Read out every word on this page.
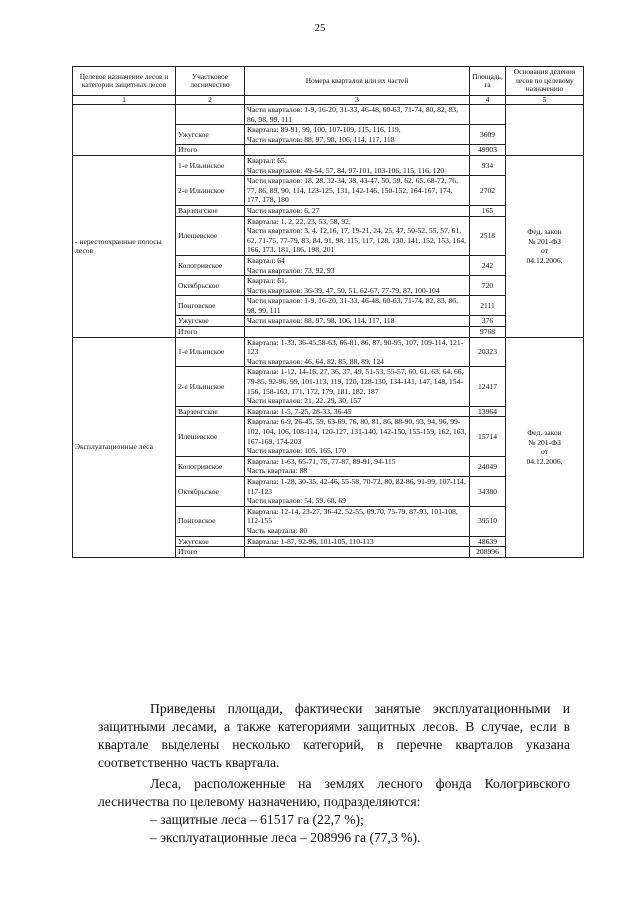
25
Целевое назначение лесов и категории защитных лесов	Участковое лесничество	Номера кварталов или их частей	Площадь, га	Основания деления лесов по целевому назначению
1	2	3	4	5

		Части кварталов: 1-9, 16-20, 31-33, 46-48, 60-63, 71-74, 80, 82, 83, 86, 98, 99, 111		

	Ужугское	Квартала: 89-91, 99, 100, 107-109, 115, 116, 119,
Части кварталов: 88, 97, 98, 106, 114, 117, 118	3609	
	Итого		49903	
- нерестоохранные полосы лесов	1-е Ильинское	Квартал: 65,
Части кварталов: 49-54, 57, 84, 97-101, 103-106, 115, 116, 120	934	Фед. закон
№ 201-ФЗ
от
04.12.2006,

	2-е Ильинское	Части кварталов: 18, 28, 32-34, 38, 43-47, 50, 59, 62, 65, 68-72, 76, 77, 86, 89, 90, 114, 123-125, 131, 142-146, 150-152, 164-167, 174, 177, 178, 180	2702	
	Варзенгское	Части кварталов: 6, 27	165	
	Илешевское	Квартала: 1, 2, 22, 23, 53, 58, 92,
Части кварталов: 3, 4, 12,16, 17, 19-21, 24, 25, 47, 50-52, 55, 57, 61, 62, 71-75, 77-79, 83, 84, 91, 98, 115, 117, 128, 130, 141, 152, 153, 164, 166, 173, 181, 186, 198, 201	2518	
	Кологривское	Квартал: 64
Части кварталов: 73, 92, 93	242	
	Октябрьское	Квартал: 61,
Части кварталов: 36-39, 47, 50, 51, 62-67, 77-79, 87, 100-104	720	
	Понговское	Части кварталов: 1-9, 16-20, 31-33, 46-48, 60-63, 71-74, 82, 83, 86, 98, 99, 111	2111	
	Ужугское	Части кварталов: 88, 97, 98, 106, 114, 117, 118	376	
	Итого		9768	
Эксплуатационные леса	1-е Ильинское	Квартала: 1-33, 36-45,58-63, 66-81, 86, 87, 90-95, 107, 109-114, 121-123
Части кварталов: 46, 64, 82, 85, 88, 89, 124	20323	Фед. закон
№ 201-ФЗ
от
04.12.2006,

	2-е Ильинское	Квартала: 1-12, 14-16, 27, 36, 37, 49, 51-53, 55-57, 60, 61, 63, 64, 66, 79-85, 92-96, 99, 101-113, 119, 120, 128-130, 134-141, 147, 148, 154-156, 158-163, 171, 172, 179, 181, 182, 187
Части кварталов: 21, 22, 29, 30, 157	12417	
	Варзенгское	Квартала: 1-5, 7-25, 28-33, 36-45	13964	
	Илешевское	Квартала: 6-9, 26-45, 59, 63-69, 76, 80, 81, 86, 88-90, 93, 94, 96, 99-102, 104, 106, 108-114, 120-127, 131-140, 142-150, 155-159, 162, 163, 167-169, 174-203
Части кварталов: 105, 165, 170	15714	
	Кологривское	Квартала: 1-63, 65-71, 75, 77-87, 89-91, 94-115
Часть квартала: 88	24049	
	Октябрьское	Квартала: 1-28, 30-35, 42-46, 55-58, 70-72, 80, 82-86, 91-99, 107-114, 117-123
Части кварталов: 54, 59, 68, 69	34380	
	Понговское	Квартала: 12-14, 23-27, 36-42, 52-55, 69,70, 75-79, 87-93, 101-108, 112-155
Часть квартала: 80	39510	
	Ужугское	Квартала: 1-87, 92-96, 101-105, 110-113	48639	
	Итого		208996	

Приведены площади, фактически занятые эксплуатационными и защитными лесами, а также категориями защитных лесов. В случае, если в квартале выделены несколько категорий, в перечне кварталов указана соответственно часть квартала.

Леса, расположенные на землях лесного фонда Кологривского лесничества по целевому назначению, подразделяются:

– защитные леса – 61517 га (22,7 %);

– эксплуатационные леса – 208996 га (77,3 %).
